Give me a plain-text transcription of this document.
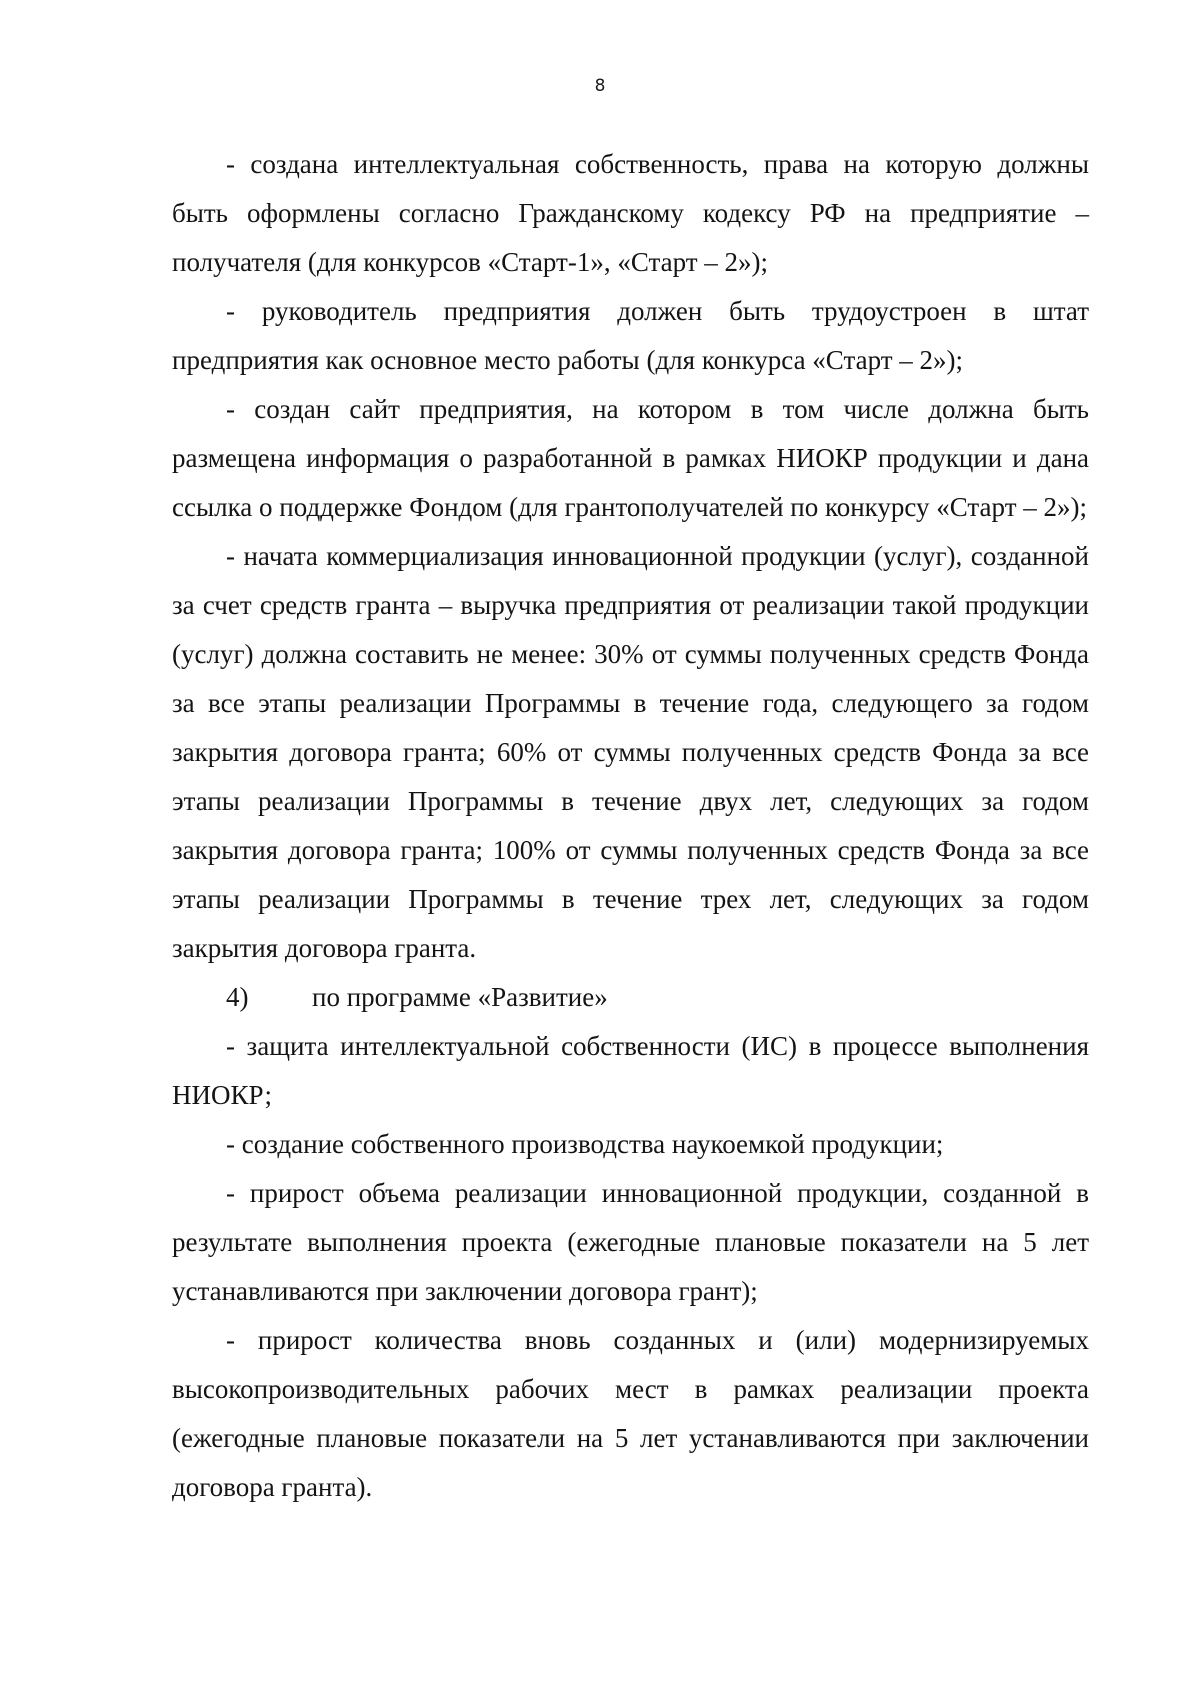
8

- создана интеллектуальная собственность, права на которую должны быть оформлены согласно Гражданскому кодексу РФ на предприятие – получателя (для конкурсов «Старт-1», «Старт – 2»);

- руководитель предприятия должен быть трудоустроен в штат предприятия как основное место работы (для конкурса «Старт – 2»);

- создан сайт предприятия, на котором в том числе должна быть размещена информация о разработанной в рамках НИОКР продукции и дана ссылка о поддержке Фондом (для грантополучателей по конкурсу «Старт – 2»);

- начата коммерциализация инновационной продукции (услуг), созданной за счет средств гранта – выручка предприятия от реализации такой продукции (услуг) должна составить не менее: 30% от суммы полученных средств Фонда за все этапы реализации Программы в течение года, следующего за годом закрытия договора гранта; 60% от суммы полученных средств Фонда за все этапы реализации Программы в течение двух лет, следующих за годом закрытия договора гранта; 100% от суммы полученных средств Фонда за все этапы реализации Программы в течение трех лет, следующих за годом закрытия договора гранта.

4) по программе «Развитие»

- защита интеллектуальной собственности (ИС) в процессе выполнения НИОКР;

- создание собственного производства наукоемкой продукции;

- прирост объема реализации инновационной продукции, созданной в результате выполнения проекта (ежегодные плановые показатели на 5 лет устанавливаются при заключении договора грант);

- прирост количества вновь созданных и (или) модернизируемых высокопроизводительных рабочих мест в рамках реализации проекта (ежегодные плановые показатели на 5 лет устанавливаются при заключении договора гранта).
